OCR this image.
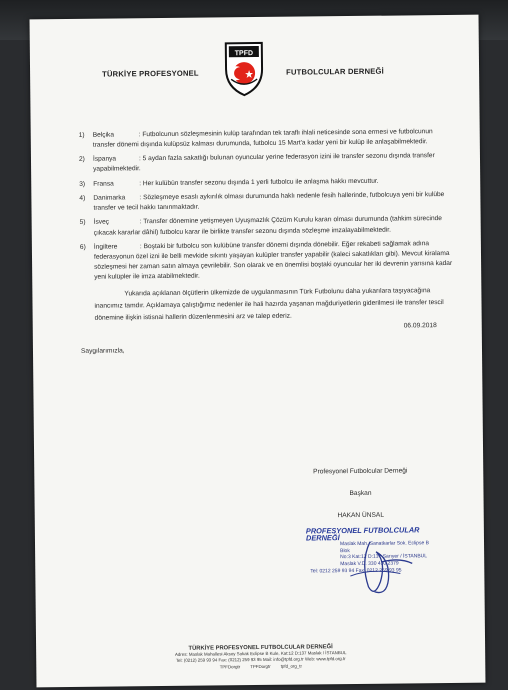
TÜRKİYE PROFESYONEL
TPFD
FUTBOLCULAR DERNEĞİ
1)	Belçika	: Futbolcunun sözleşmesinin kulüp tarafından tek taraflı ihlali neticesinde sona ermesi ve futbolcunun transfer dönemi dışında kulüpsüz kalması durumunda, futbolcu 15 Mart'a kadar yeni bir kulüp ile anlaşabilmektedir.
2)	İspanya	: 5 aydan fazla sakatlığı bulunan oyuncular yerine federasyon izini ile transfer sezonu dışında transfer yapabilmektedir.
3)	Fransa	: Her kulübün transfer sezonu dışında 1 yerli futbolcu ile anlaşma hakkı mevcuttur.
4)	Danimarka : Sözleşmeye esaslı aykırılık olması durumunda haklı nedenle fesih hallerinde, futbolcuya yeni bir kulübe transfer ve tecil hakkı tanınmaktadır.
5)	İsveç	: Transfer dönemine yetişmeyen Uyuşmazlık Çözüm Kurulu kararı olması durumunda (tahkim sürecinde çıkacak kararlar dâhil) futbolcu karar ile birlikte transfer sezonu dışında sözleşme imzalayabilmektedir.
6)	İngiltere	: Boştaki bir futbolcu son kulübüne transfer dönemi dışında dönebilir. Eğer rekabeti sağlamak adına federasyonun özel izni ile belli mevkide sıkıntı yaşayan kulüpler transfer yapabilir (kaleci sakatlıkları gibi). Mevcut kiralama sözleşmesi her zaman satın almaya çevrilebilir. Son olarak ve en önemlisi boştaki oyuncular her iki devrenin yarısına kadar yeni kulüpler ile imza atabilmektedir.
Yukarıda açıklanan ölçütlerin ülkemizde de uygulanmasının Türk Futbolunu daha yukarılara taşıyacağına inancımız tamdır. Açıklamaya çalıştığımız nedenler ile hali hazırda yaşanan mağduriyetlerin giderilmesi ile transfer tescil dönemine ilişkin istisnai hallerin düzenlenmesini arz ve talep ederiz.
06.09.2018
Saygılarımızla,
Profesyonel Futbolcular Derneği
Başkan
HAKAN ÜNSAL
PROFESYONEL FUTBOLCULAR DERNEĞİ
Maslak Mah. Sanatkarlar Sok. Eclipse B Blok
No:3 Kat:12 D:137 Sarıyer / İSTANBUL
Maslak V.D. 330 430 2379
Tel: 0212 259 93 94 Fax: 0212 259 93 95
TÜRKİYE PROFESYONEL FUTBOLCULAR DERNEĞİ
Adres: Maslak Mahallesi Aksoy Sokak Eclipse B Kule, Kat:12 D:137 Maslak / İSTANBUL
Tel: (0212) 259 93 94 Fax: (0212) 259 93 95 Mail: info@tpfd.org.tr Web: www.tpfd.org.tr
TPFDorgtr TPFDorgtr tpfd_org_tr
